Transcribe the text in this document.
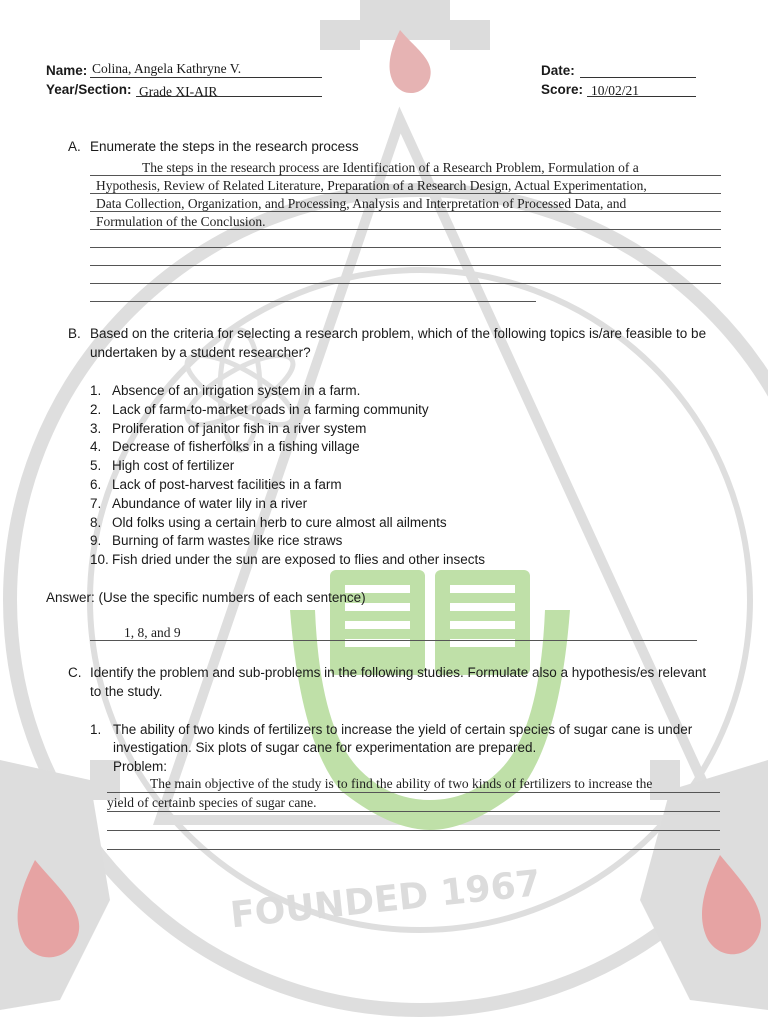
FOUNDED 1967
Name: Colina, Angela Kathryne V.
Year/Section: Grade XI-AIR
Date:
Score: 10/02/21
A. Enumerate the steps in the research process
The steps in the research process are Identification of a Research Problem, Formulation of a
Hypothesis, Review of Related Literature, Preparation of a Research Design, Actual Experimentation,
Data Collection, Organization, and Processing, Analysis and Interpretation of Processed Data, and
Formulation of the Conclusion.
B. Based on the criteria for selecting a research problem, which of the following topics is/are feasible to be
undertaken by a student researcher?
1. Absence of an irrigation system in a farm.
2. Lack of farm-to-market roads in a farming community
3. Proliferation of janitor fish in a river system
4. Decrease of fisherfolks in a fishing village
5. High cost of fertilizer
6. Lack of post-harvest facilities in a farm
7. Abundance of water lily in a river
8. Old folks using a certain herb to cure almost all ailments
9. Burning of farm wastes like rice straws
10. Fish dried under the sun are exposed to flies and other insects
Answer: (Use the specific numbers of each sentence)
1, 8, and 9
C. Identify the problem and sub-problems in the following studies. Formulate also a hypothesis/es relevant
to the study.
1. The ability of two kinds of fertilizers to increase the yield of certain species of sugar cane is under
investigation. Six plots of sugar cane for experimentation are prepared.
Problem:
The main objective of the study is to find the ability of two kinds of fertilizers to increase the
yield of certainb species of sugar cane.
